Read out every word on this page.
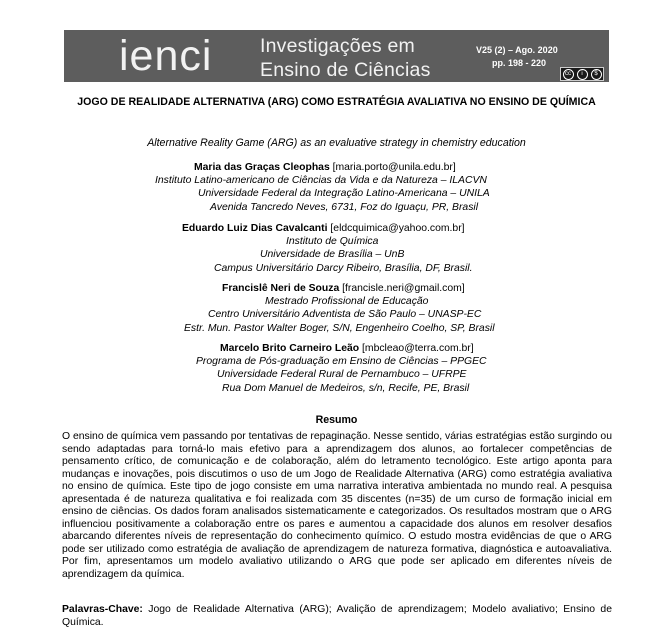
ienci Investigações em
Ensino de Ciências
V25 (2) – Ago. 2020
pp. 198 - 220
cc	i	$
JOGO DE REALIDADE ALTERNATIVA (ARG) COMO ESTRATÉGIA AVALIATIVA NO ENSINO DE QUÍMICA
Alternative Reality Game (ARG) as an evaluative strategy in chemistry education
Maria das Graças Cleophas [maria.porto@unila.edu.br]
Instituto Latino-americano de Ciências da Vida e da Natureza – ILACVN
Universidade Federal da Integração Latino-Americana – UNILA
Avenida Tancredo Neves, 6731, Foz do Iguaçu, PR, Brasil
Eduardo Luiz Dias Cavalcanti [eldcquimica@yahoo.com.br]
Instituto de Química
Universidade de Brasília – UnB
Campus Universitário Darcy Ribeiro, Brasília, DF, Brasil.
Francislê Neri de Souza [francisle.neri@gmail.com]
Mestrado Profissional de Educação
Centro Universitário Adventista de São Paulo – UNASP-EC
Estr. Mun. Pastor Walter Boger, S/N, Engenheiro Coelho, SP, Brasil
Marcelo Brito Carneiro Leão [mbcleao@terra.com.br]
Programa de Pós-graduação em Ensino de Ciências – PPGEC
Universidade Federal Rural de Pernambuco – UFRPE
Rua Dom Manuel de Medeiros, s/n, Recife, PE, Brasil
Resumo
O ensino de química vem passando por tentativas de repaginação. Nesse sentido, várias estratégias estão surgindo ou sendo adaptadas para torná-lo mais efetivo para a aprendizagem dos alunos, ao fortalecer competências de pensamento crítico, de comunicação e de colaboração, além do letramento tecnológico. Este artigo aponta para mudanças e inovações, pois discutimos o uso de um Jogo de Realidade Alternativa (ARG) como estratégia avaliativa no ensino de química. Este tipo de jogo consiste em uma narrativa interativa ambientada no mundo real. A pesquisa apresentada é de natureza qualitativa e foi realizada com 35 discentes (n=35) de um curso de formação inicial em ensino de ciências. Os dados foram analisados sistematicamente e categorizados. Os resultados mostram que o ARG influenciou positivamente a colaboração entre os pares e aumentou a capacidade dos alunos em resolver desafios abarcando diferentes níveis de representação do conhecimento químico. O estudo mostra evidências de que o ARG pode ser utilizado como estratégia de avaliação de aprendizagem de natureza formativa, diagnóstica e autoavaliativa. Por fim, apresentamos um modelo avaliativo utilizando o ARG que pode ser aplicado em diferentes níveis de aprendizagem da química.
Palavras-Chave: Jogo de Realidade Alternativa (ARG); Avalição de aprendizagem; Modelo avaliativo; Ensino de Química.
